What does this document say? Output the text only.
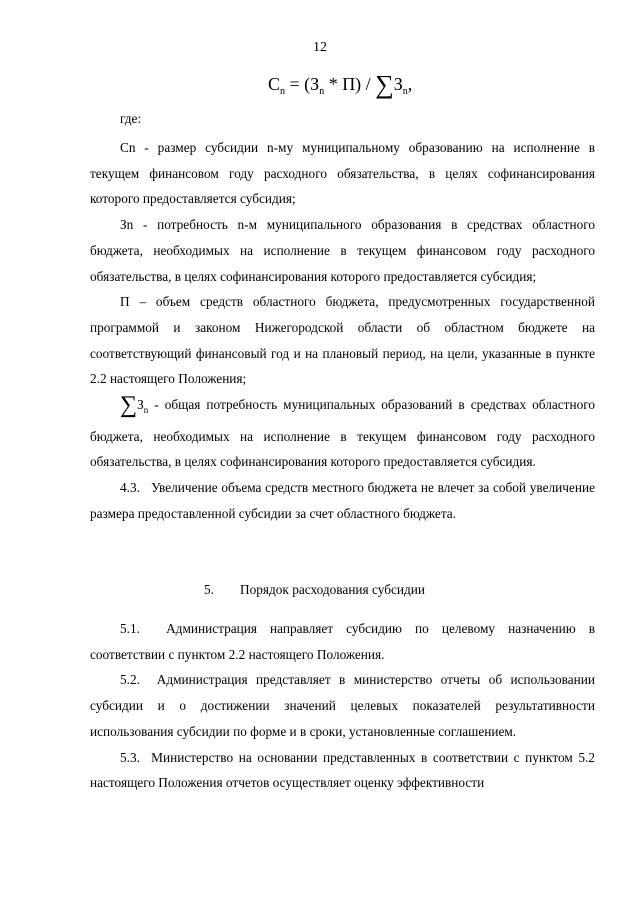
12
$C_n = (З_n * П) / \sum З_n$,
где:

Cn - размер субсидии n-му муниципальному образованию на исполнение в текущем финансовом году расходного обязательства, в целях софинансирования которого предоставляется субсидия;

Зn - потребность n-м муниципального образования в средствах областного бюджета, необходимых на исполнение в текущем финансовом году расходного обязательства, в целях софинансирования которого предоставляется субсидия;

П – объем средств областного бюджета, предусмотренных государственной программой и законом Нижегородской области об областном бюджете на соответствующий финансовый год и на плановый период, на цели, указанные в пункте 2.2 настоящего Положения;

$\sum З_n$ - общая потребность муниципальных образований в средствах областного бюджета, необходимых на исполнение в текущем финансовом году расходного обязательства, в целях софинансирования которого предоставляется субсидия.

4.3.   Увеличение объема средств местного бюджета не влечет за собой увеличение размера предоставленной субсидии за счет областного бюджета.

5. Порядок расходования субсидии

5.1.  Администрация направляет субсидию по целевому назначению в соответствии с пунктом 2.2 настоящего Положения.

5.2.  Администрация представляет в министерство отчеты об использовании субсидии и о достижении значений целевых показателей результативности использования субсидии по форме и в сроки, установленные соглашением.

5.3.  Министерство на основании представленных в соответствии с пунктом 5.2 настоящего Положения отчетов осуществляет оценку эффективности
